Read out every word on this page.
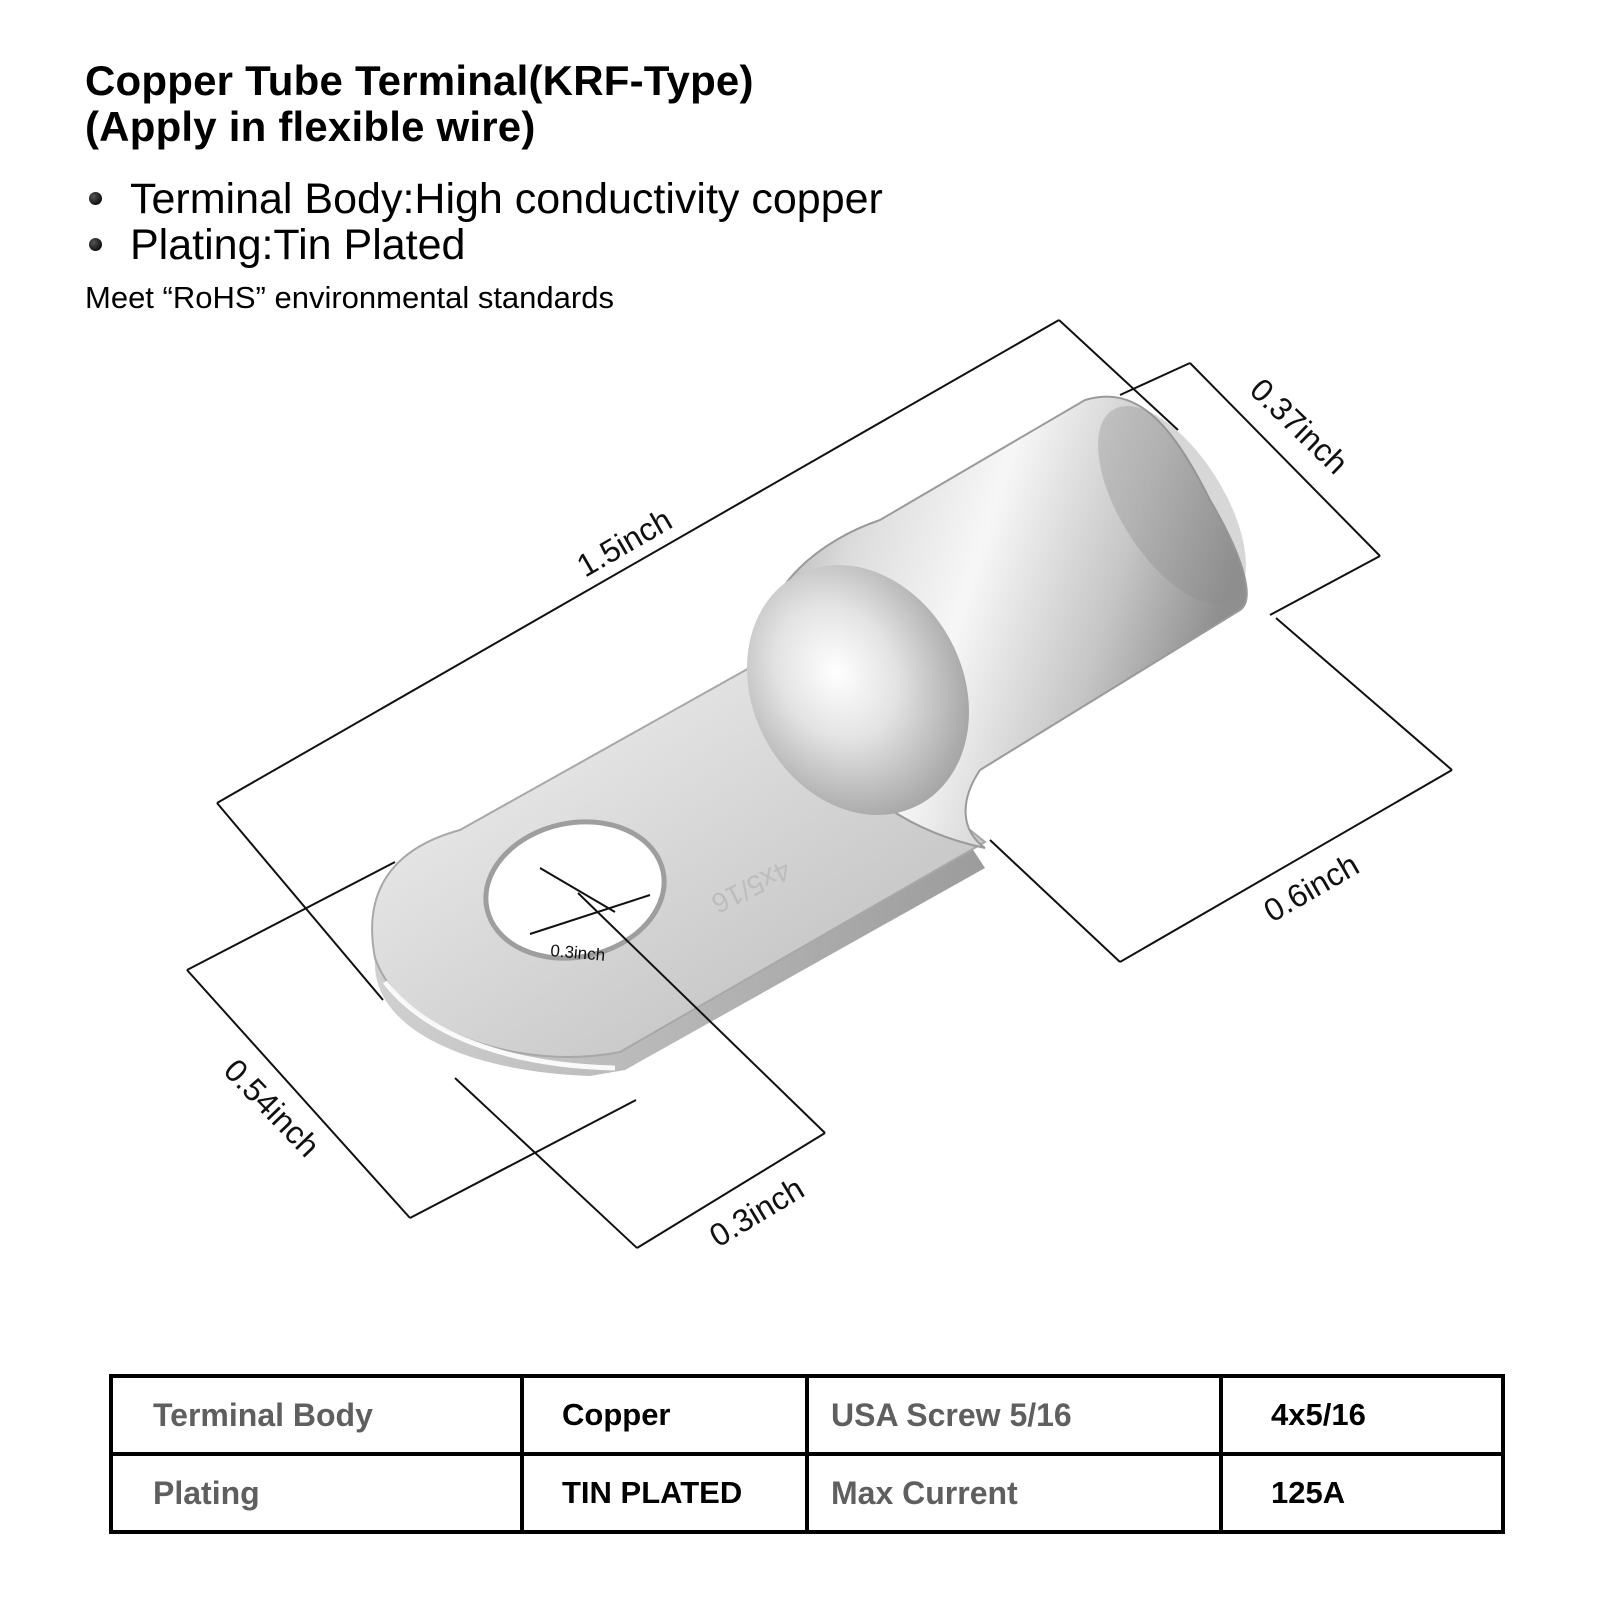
Copper Tube Terminal(KRF-Type)
(Apply in flexible wire)
Terminal Body:High conductivity copper
Plating:Tin Plated

Meet “RoHS” environmental standards

4x5/16
1.5inch
0.37inch
0.6inch
0.54inch
0.3inch
0.3inch
Terminal Body	Copper	USA Screw 5/16	4x5/16
Plating	TIN PLATED	Max Current	125A
